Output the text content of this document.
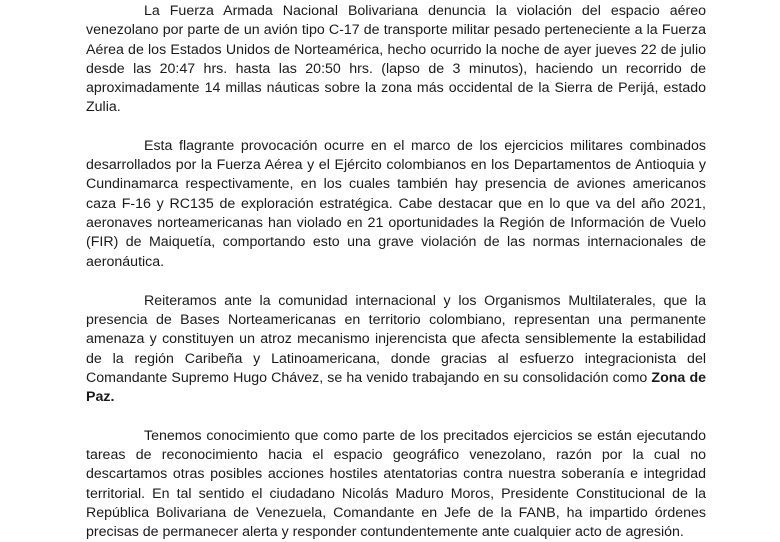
La Fuerza Armada Nacional Bolivariana denuncia la violación del espacio aéreo venezolano por parte de un avión tipo C-17 de transporte militar pesado perteneciente a la Fuerza Aérea de los Estados Unidos de Norteamérica, hecho ocurrido la noche de ayer jueves 22 de julio desde las 20:47 hrs. hasta las 20:50 hrs. (lapso de 3 minutos), haciendo un recorrido de aproximadamente 14 millas náuticas sobre la zona más occidental de la Sierra de Perijá, estado Zulia.

Esta flagrante provocación ocurre en el marco de los ejercicios militares combinados desarrollados por la Fuerza Aérea y el Ejército colombianos en los Departamentos de Antioquia y Cundinamarca respectivamente, en los cuales también hay presencia de aviones americanos caza F-16 y RC135 de exploración estratégica. Cabe destacar que en lo que va del año 2021, aeronaves norteamericanas han violado en 21 oportunidades la Región de Información de Vuelo (FIR) de Maiquetía, comportando esto una grave violación de las normas internacionales de aeronáutica.

Reiteramos ante la comunidad internacional y los Organismos Multilaterales, que la presencia de Bases Norteamericanas en territorio colombiano, representan una permanente amenaza y constituyen un atroz mecanismo injerencista que afecta sensiblemente la estabilidad de la región Caribeña y Latinoamericana, donde gracias al esfuerzo integracionista del Comandante Supremo Hugo Chávez, se ha venido trabajando en su consolidación como Zona de Paz.

Tenemos conocimiento que como parte de los precitados ejercicios se están ejecutando tareas de reconocimiento hacia el espacio geográfico venezolano, razón por la cual no descartamos otras posibles acciones hostiles atentatorias contra nuestra soberanía e integridad territorial. En tal sentido el ciudadano Nicolás Maduro Moros, Presidente Constitucional de la República Bolivariana de Venezuela, Comandante en Jefe de la FANB, ha impartido órdenes precisas de permanecer alerta y responder contundentemente ante cualquier acto de agresión.
